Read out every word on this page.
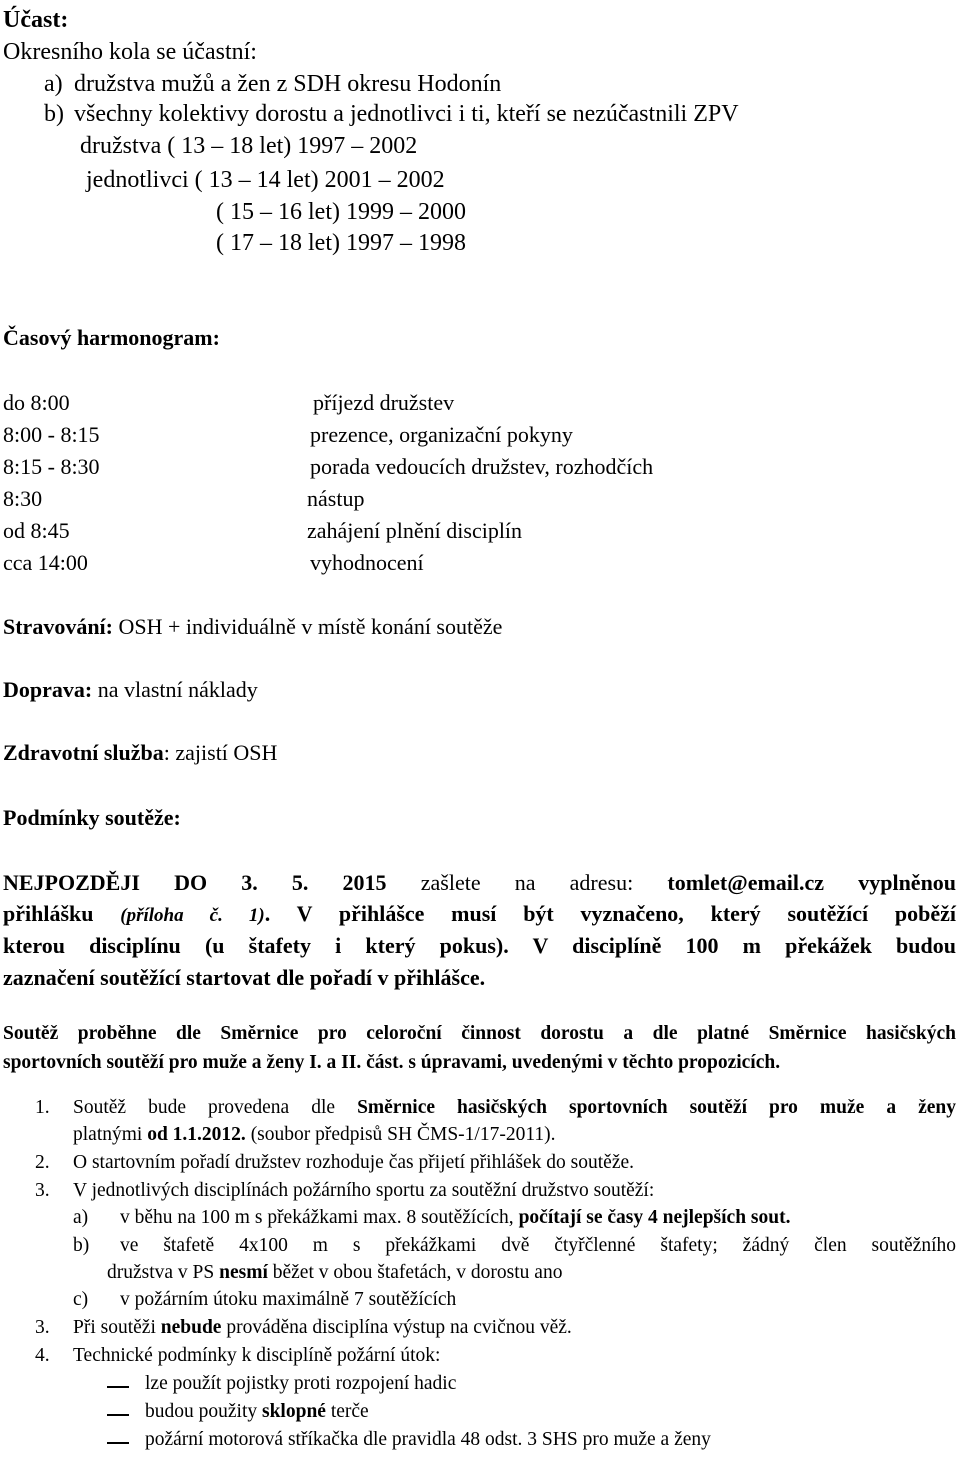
Účast:
Okresního kola se účastní:
a) družstva mužů a žen z SDH okresu Hodonín
b) všechny kolektivy dorostu a jednotlivci i ti, kteří se nezúčastnili ZPV
družstva ( 13 – 18 let) 1997 – 2002
jednotlivci ( 13 – 14 let) 2001 – 2002
( 15 – 16 let) 1999 – 2000
( 17 – 18 let) 1997 – 1998
Časový harmonogram:
do 8:00	příjezd družstev
8:00 - 8:15	prezence, organizační pokyny
8:15 - 8:30	porada vedoucích družstev, rozhodčích
8:30	nástup
od 8:45	zahájení plnění disciplín
cca 14:00	vyhodnocení
Stravování: OSH + individuálně v místě konání soutěže
Doprava: na vlastní náklady
Zdravotní služba: zajistí OSH
Podmínky soutěže:
NEJPOZDĚJI DO 3. 5. 2015 zašlete na adresu: tomlet@email.cz vyplněnou
přihlášku (příloha č. 1). V přihlášce musí být vyznačeno, který soutěžící poběží
kterou disciplínu (u štafety i který pokus). V disciplíně 100 m překážek budou
zaznačení soutěžící startovat dle pořadí v přihlášce.
Soutěž proběhne dle Směrnice pro celoroční činnost dorostu a dle platné Směrnice hasičských
sportovních soutěží pro muže a ženy I. a II. část. s úpravami, uvedenými v těchto propozicích.
1. Soutěž bude provedena dle Směrnice hasičských sportovních soutěží pro muže a ženy
platnými od 1.1.2012. (soubor předpisů SH ČMS-1/17-2011).
2. O startovním pořadí družstev rozhoduje čas přijetí přihlášek do soutěže.
3. V jednotlivých disciplínách požárního sportu za soutěžní družstvo soutěží:
a) v běhu na 100 m s překážkami max. 8 soutěžících, počítají se časy 4 nejlepších sout.
b) ve štafetě 4x100 m s překážkami dvě čtyřčlenné štafety; žádný člen soutěžního
družstva v PS nesmí běžet v obou štafetách, v dorostu ano
c) v požárním útoku maximálně 7 soutěžících
3. Při soutěži nebude prováděna disciplína výstup na cvičnou věž.
4. Technické podmínky k disciplíně požární útok:
lze použít pojistky proti rozpojení hadic
budou použity sklopné terče
požární motorová stříkačka dle pravidla 48 odst. 3 SHS pro muže a ženy
